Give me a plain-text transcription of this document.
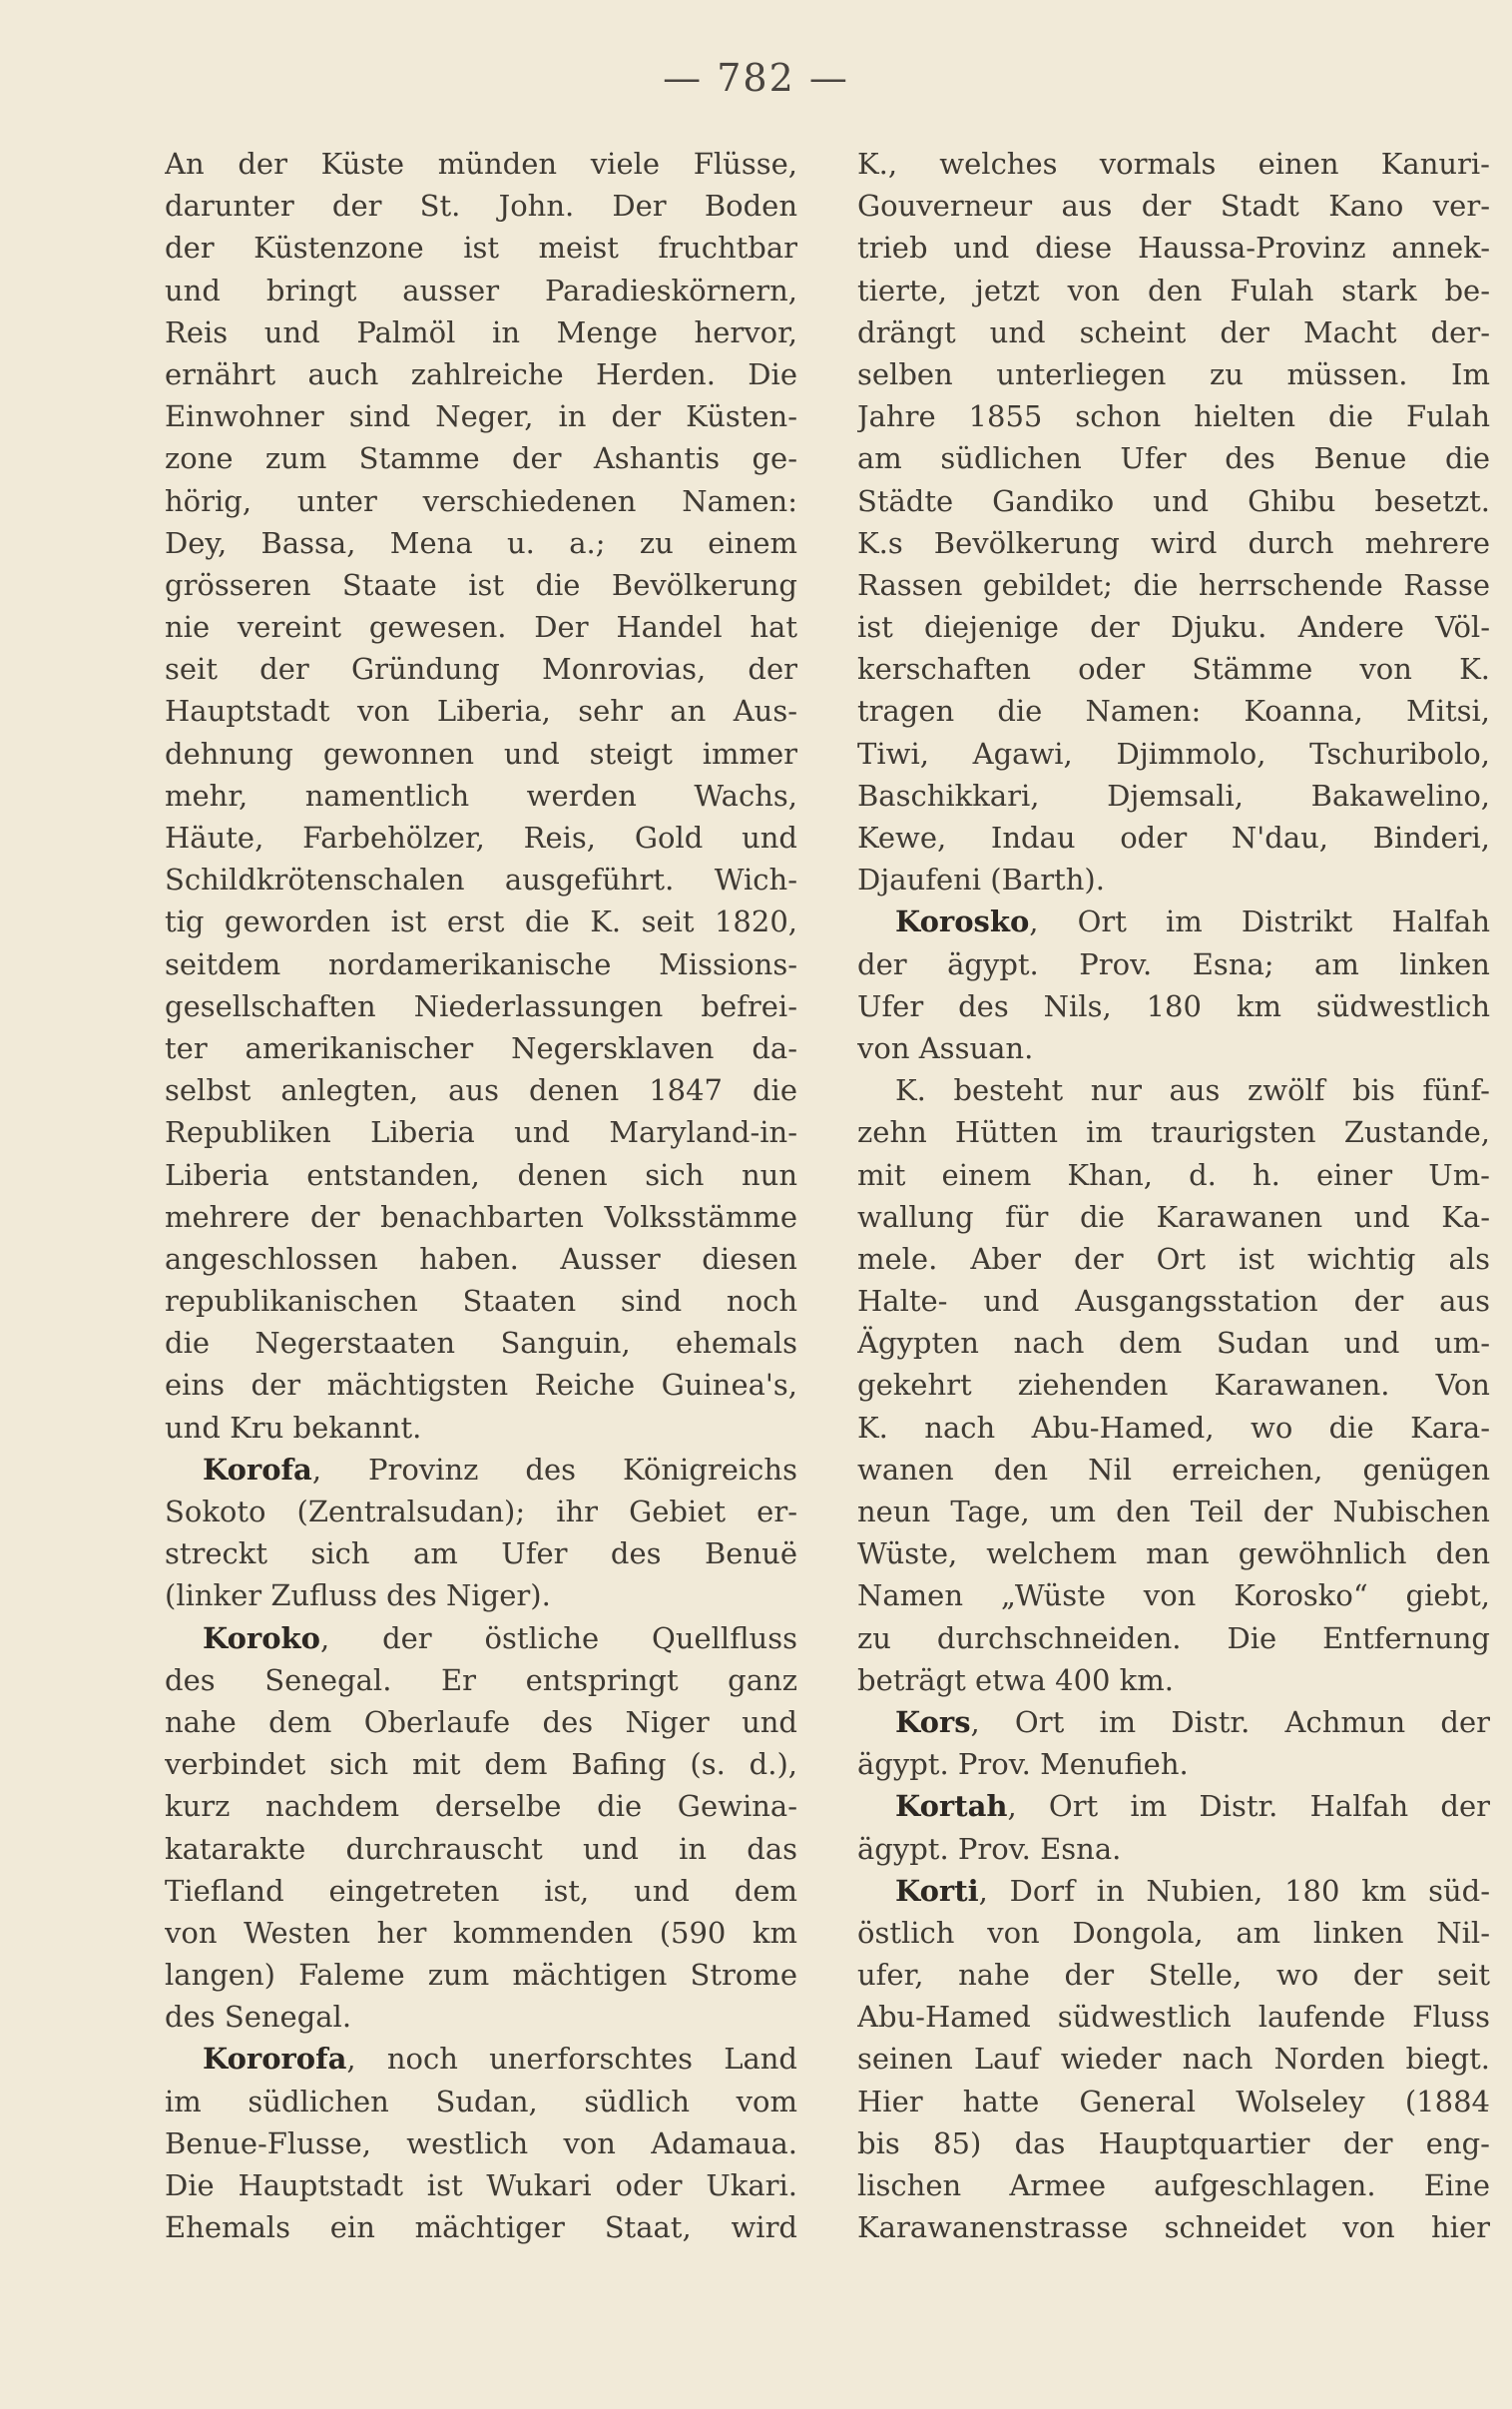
— 782 —
An der Küste münden viele Flüsse,
darunter der St. John. Der Boden
der Küstenzone ist meist fruchtbar
und bringt ausser Paradieskörnern,
Reis und Palmöl in Menge hervor,
ernährt auch zahlreiche Herden. Die
Einwohner sind Neger, in der Küsten-
zone zum Stamme der Ashantis ge-
hörig, unter verschiedenen Namen:
Dey, Bassa, Mena u. a.; zu einem
grösseren Staate ist die Bevölkerung
nie vereint gewesen. Der Handel hat
seit der Gründung Monrovias, der
Hauptstadt von Liberia, sehr an Aus-
dehnung gewonnen und steigt immer
mehr, namentlich werden Wachs,
Häute, Farbehölzer, Reis, Gold und
Schildkrötenschalen ausgeführt. Wich-
tig geworden ist erst die K. seit 1820,
seitdem nordamerikanische Missions-
gesellschaften Niederlassungen befrei-
ter amerikanischer Negersklaven da-
selbst anlegten, aus denen 1847 die
Republiken Liberia und Maryland-in-
Liberia entstanden, denen sich nun
mehrere der benachbarten Volksstämme
angeschlossen haben. Ausser diesen
republikanischen Staaten sind noch
die Negerstaaten Sanguin, ehemals
eins der mächtigsten Reiche Guinea's,
und Kru bekannt.
Korofa, Provinz des Königreichs
Sokoto (Zentralsudan); ihr Gebiet er-
streckt sich am Ufer des Benuë
(linker Zufluss des Niger).
Koroko, der östliche Quellfluss
des Senegal. Er entspringt ganz
nahe dem Oberlaufe des Niger und
verbindet sich mit dem Bafing (s. d.),
kurz nachdem derselbe die Gewina-
katarakte durchrauscht und in das
Tiefland eingetreten ist, und dem
von Westen her kommenden (590 km
langen) Faleme zum mächtigen Strome
des Senegal.
Kororofa, noch unerforschtes Land
im südlichen Sudan, südlich vom
Benue-Flusse, westlich von Adamaua.
Die Hauptstadt ist Wukari oder Ukari.
Ehemals ein mächtiger Staat, wird
K., welches vormals einen Kanuri-
Gouverneur aus der Stadt Kano ver-
trieb und diese Haussa-Provinz annek-
tierte, jetzt von den Fulah stark be-
drängt und scheint der Macht der-
selben unterliegen zu müssen. Im
Jahre 1855 schon hielten die Fulah
am südlichen Ufer des Benue die
Städte Gandiko und Ghibu besetzt.
K.s Bevölkerung wird durch mehrere
Rassen gebildet; die herrschende Rasse
ist diejenige der Djuku. Andere Völ-
kerschaften oder Stämme von K.
tragen die Namen: Koanna, Mitsi,
Tiwi, Agawi, Djimmolo, Tschuribolo,
Baschikkari, Djemsali, Bakawelino,
Kewe, Indau oder N'dau, Binderi,
Djaufeni (Barth).
Korosko, Ort im Distrikt Halfah
der ägypt. Prov. Esna; am linken
Ufer des Nils, 180 km südwestlich
von Assuan.
K. besteht nur aus zwölf bis fünf-
zehn Hütten im traurigsten Zustande,
mit einem Khan, d. h. einer Um-
wallung für die Karawanen und Ka-
mele. Aber der Ort ist wichtig als
Halte- und Ausgangsstation der aus
Ägypten nach dem Sudan und um-
gekehrt ziehenden Karawanen. Von
K. nach Abu-Hamed, wo die Kara-
wanen den Nil erreichen, genügen
neun Tage, um den Teil der Nubischen
Wüste, welchem man gewöhnlich den
Namen „Wüste von Korosko“ giebt,
zu durchschneiden. Die Entfernung
beträgt etwa 400 km.
Kors, Ort im Distr. Achmun der
ägypt. Prov. Menufieh.
Kortah, Ort im Distr. Halfah der
ägypt. Prov. Esna.
Korti, Dorf in Nubien, 180 km süd-
östlich von Dongola, am linken Nil-
ufer, nahe der Stelle, wo der seit
Abu-Hamed südwestlich laufende Fluss
seinen Lauf wieder nach Norden biegt.
Hier hatte General Wolseley (1884
bis 85) das Hauptquartier der eng-
lischen Armee aufgeschlagen. Eine
Karawanenstrasse schneidet von hier
